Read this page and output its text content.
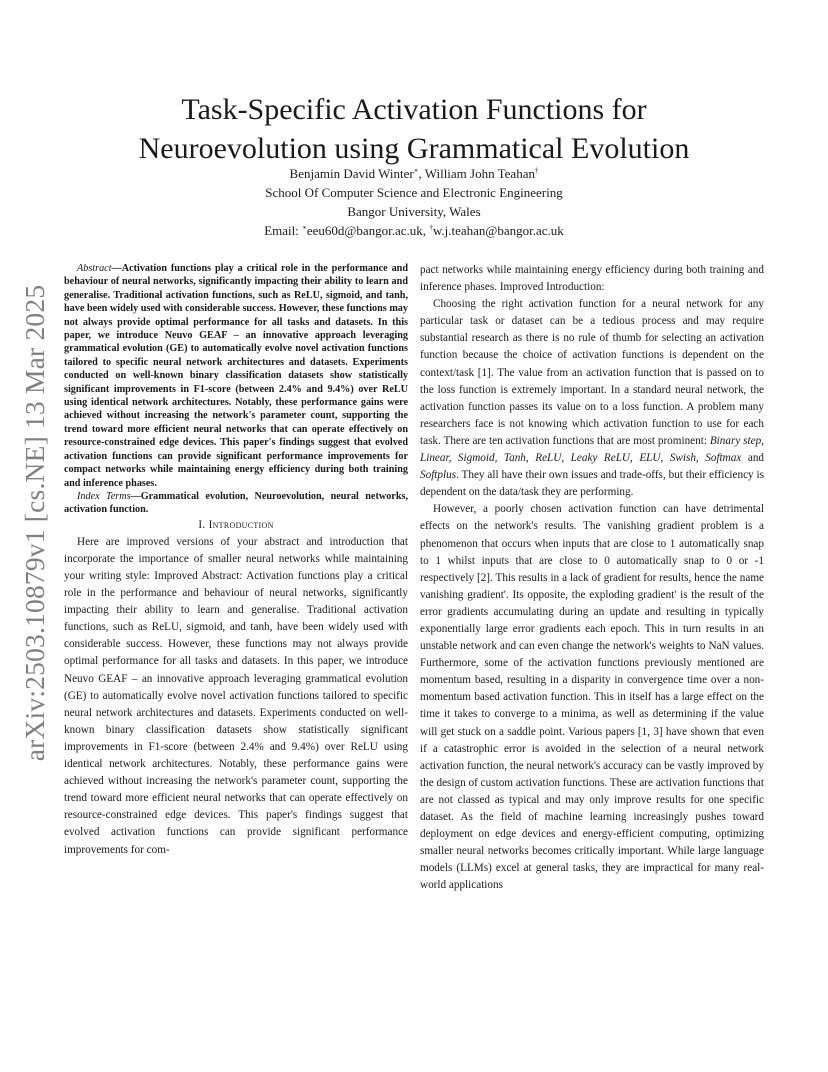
arXiv:2503.10879v1 [cs.NE] 13 Mar 2025
Task-Specific Activation Functions for
Neuroevolution using Grammatical Evolution
Benjamin David Winter∗, William John Teahan†
School Of Computer Science and Electronic Engineering
Bangor University, Wales
Email: ∗eeu60d@bangor.ac.uk, †w.j.teahan@bangor.ac.uk

Abstract—Activation functions play a critical role in the performance and behaviour of neural networks, significantly impacting their ability to learn and generalise. Traditional activation functions, such as ReLU, sigmoid, and tanh, have been widely used with considerable success. However, these functions may not always provide optimal performance for all tasks and datasets. In this paper, we introduce Neuvo GEAF – an innovative approach leveraging grammatical evolution (GE) to automatically evolve novel activation functions tailored to specific neural network architectures and datasets. Experiments conducted on well-known binary classification datasets show statistically significant improvements in F1-score (between 2.4% and 9.4%) over ReLU using identical network architectures. Notably, these performance gains were achieved without increasing the network's parameter count, supporting the trend toward more efficient neural networks that can operate effectively on resource-constrained edge devices. This paper's findings suggest that evolved activation functions can provide significant performance improvements for compact networks while maintaining energy efficiency during both training and inference phases.

Index Terms—Grammatical evolution, Neuroevolution, neural networks, activation function.

I. Introduction

Here are improved versions of your abstract and introduction that incorporate the importance of smaller neural networks while maintaining your writing style: Improved Abstract: Activation functions play a critical role in the performance and behaviour of neural networks, significantly impacting their ability to learn and generalise. Traditional activation functions, such as ReLU, sigmoid, and tanh, have been widely used with considerable success. However, these functions may not always provide optimal performance for all tasks and datasets. In this paper, we introduce Neuvo GEAF – an innovative approach leveraging grammatical evolution (GE) to automatically evolve novel activation functions tailored to specific neural network architectures and datasets. Experiments conducted on well-known binary classification datasets show statistically significant improvements in F1-score (between 2.4% and 9.4%) over ReLU using identical network architectures. Notably, these performance gains were achieved without increasing the network's parameter count, supporting the trend toward more efficient neural networks that can operate effectively on resource-constrained edge devices. This paper's findings suggest that evolved activation functions can provide significant performance improvements for com-

pact networks while maintaining energy efficiency during both training and inference phases. Improved Introduction:

Choosing the right activation function for a neural network for any particular task or dataset can be a tedious process and may require substantial research as there is no rule of thumb for selecting an activation function because the choice of activation functions is dependent on the context/task [1]. The value from an activation function that is passed on to the loss function is extremely important. In a standard neural network, the activation function passes its value on to a loss function. A problem many researchers face is not knowing which activation function to use for each task. There are ten activation functions that are most prominent: Binary step, Linear, Sigmoid, Tanh, ReLU, Leaky ReLU, ELU, Swish, Softmax and Softplus. They all have their own issues and trade-offs, but their efficiency is dependent on the data/task they are performing.

However, a poorly chosen activation function can have detrimental effects on the network's results. The vanishing gradient problem is a phenomenon that occurs when inputs that are close to 1 automatically snap to 1 whilst inputs that are close to 0 automatically snap to 0 or -1 respectively [2]. This results in a lack of gradient for results, hence the name vanishing gradient'. Its opposite, the exploding gradient' is the result of the error gradients accumulating during an update and resulting in typically exponentially large error gradients each epoch. This in turn results in an unstable network and can even change the network's weights to NaN values. Furthermore, some of the activation functions previously mentioned are momentum based, resulting in a disparity in convergence time over a non-momentum based activation function. This in itself has a large effect on the time it takes to converge to a minima, as well as determining if the value will get stuck on a saddle point. Various papers [1, 3] have shown that even if a catastrophic error is avoided in the selection of a neural network activation function, the neural network's accuracy can be vastly improved by the design of custom activation functions. These are activation functions that are not classed as typical and may only improve results for one specific dataset. As the field of machine learning increasingly pushes toward deployment on edge devices and energy-efficient computing, optimizing smaller neural networks becomes critically important. While large language models (LLMs) excel at general tasks, they are impractical for many real-world applications
